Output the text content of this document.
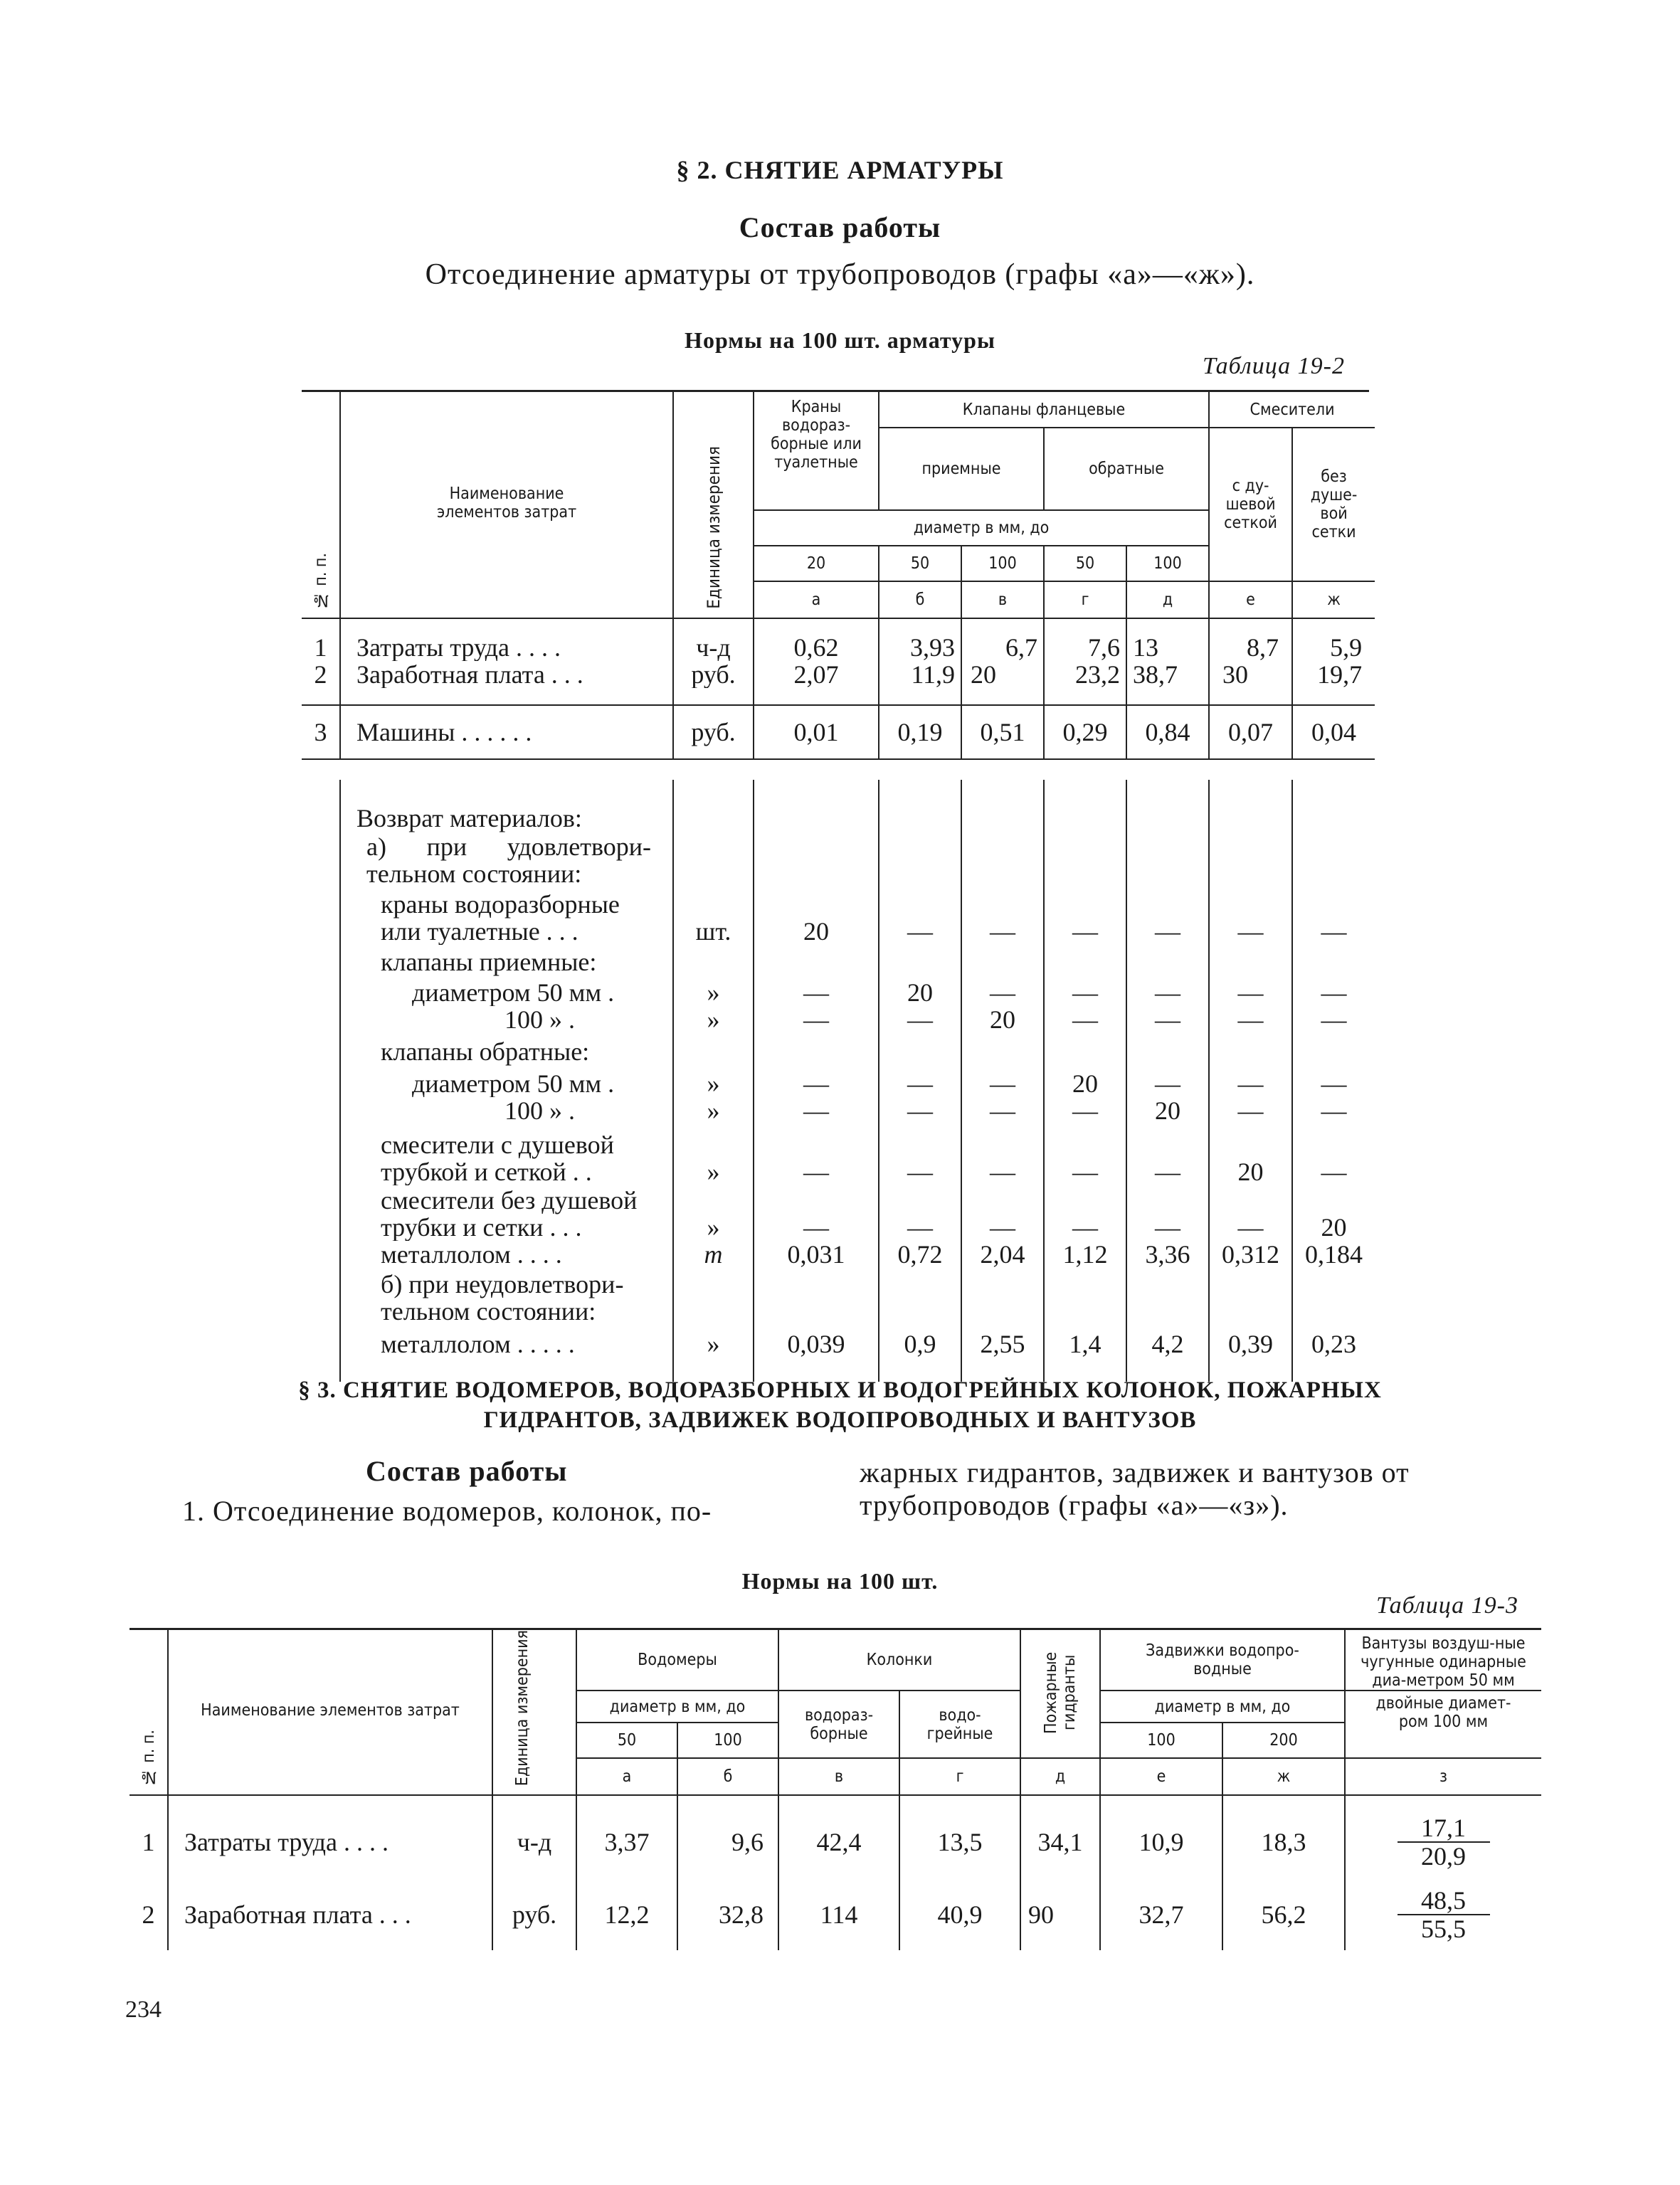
§ 2. СНЯТИЕ АРМАТУРЫ
Состав работы
Отсоединение арматуры от трубопроводов (графы «а»—«ж»).
Нормы на 100 шт. арматуры
Таблица 19-2
№ п. п.	Наименование элементов затрат	Единица измерения	Краны водораз-борные или туалетные	Клапаны фланцевые				Смесители	
				приемные		обратные		с ду-шевой сеткой	без душе-вой сетки

			диаметр в мм, до						
			20	50	100	50	100		
			а	б	в	г	д	е	ж

1	Затраты труда . . . .	ч-д	0,62	3,93	6,7	7,6	13	8,7	5,9
2	Заработная плата . . .	руб.	2,07	11,9	20	23,2	38,7	30	19,7

3	Машины . . . . . .	руб.	0,01	0,19	0,51	0,29	0,84	0,07	0,04

	Возврат материалов:								

	а) при удовлетвори-тельном состоянии:								

	краны водоразборные или туалетные . . .	шт.	20	—	—	—	—	—	—
	клапаны приемные:								
	диаметром 50 мм .	»	—	20	—	—	—	—	—
	100 » .	»	—	—	20	—	—	—	—
	клапаны обратные:								
	диаметром 50 мм .	»	—	—	—	20	—	—	—
	100 » .	»	—	—	—	—	20	—	—

	смесители с душевой трубкой и сеткой . .	»	—	—	—	—	—	20	—

	смесители без душевой трубки и сетки . . .	»	—	—	—	—	—	—	20
	металлолом . . . .	т	0,031	0,72	2,04	1,12	3,36	0,312	0,184

	б) при неудовлетвори-тельном состоянии:								

	металлолом . . . . .	»	0,039	0,9	2,55	1,4	4,2	0,39	0,23

§ 3. СНЯТИЕ ВОДОМЕРОВ, ВОДОРАЗБОРНЫХ И ВОДОГРЕЙНЫХ КОЛОНОК, ПОЖАРНЫХ
ГИДРАНТОВ, ЗАДВИЖЕК ВОДОПРОВОДНЫХ И ВАНТУЗОВ
Состав работы
1. Отсоединение водомеров, колонок, по-
жарных гидрантов, задвижек и вантузов от
трубопроводов (графы «а»—«з»).
Нормы на 100 шт.
Таблица 19-3
№ п. п.	Наименование элементов затрат	Единица измерения	Водомеры		Колонки		Пожарные гидранты	Задвижки водопро-водные		Вантузы воздуш-ные чугунные одинарные диа-метром 50 мм

			диаметр в мм, до		водораз-борные	водо-грейные		диаметр в мм, до		двойные диамет-ром 100 мм

			50	100				100	200	
			а	б	в	г	д	е	ж	з

1	Затраты труда . . . .	ч-д	3,37	9,6	42,4	13,5	34,1	10,9	18,3	17,1
20,9

2	Заработная плата . . .	руб.	12,2	32,8	114	40,9	90	32,7	56,2	48,5
55,5
234
